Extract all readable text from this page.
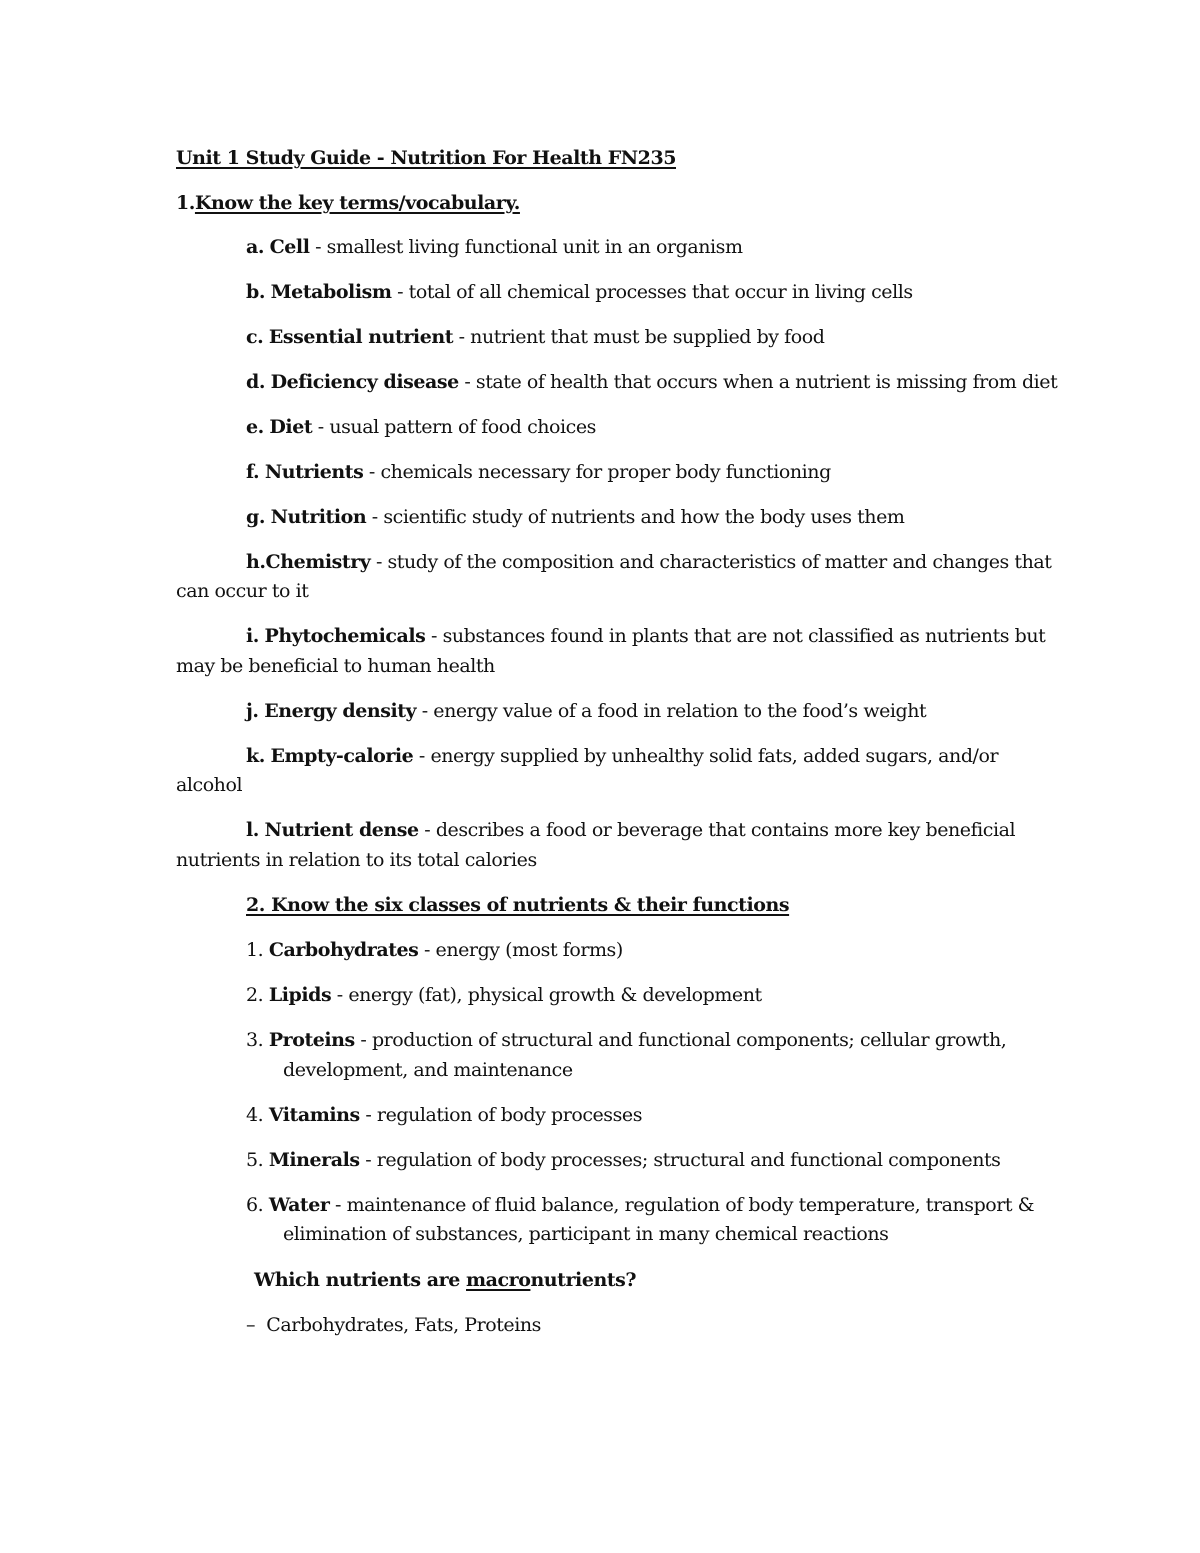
Unit 1 Study Guide - Nutrition For Health FN235
1.Know the key terms/vocabulary.
a. Cell - smallest living functional unit in an organism
b. Metabolism - total of all chemical processes that occur in living cells
c. Essential nutrient - nutrient that must be supplied by food
d. Deficiency disease - state of health that occurs when a nutrient is missing from diet
e. Diet - usual pattern of food choices
f. Nutrients - chemicals necessary for proper body functioning
g. Nutrition - scientific study of nutrients and how the body uses them
h.Chemistry - study of the composition and characteristics of matter and changes that
can occur to it
i. Phytochemicals - substances found in plants that are not classified as nutrients but
may be beneficial to human health
j. Energy density - energy value of a food in relation to the food’s weight
k. Empty-calorie - energy supplied by unhealthy solid fats, added sugars, and/or
alcohol
l. Nutrient dense - describes a food or beverage that contains more key beneficial
nutrients in relation to its total calories
2. Know the six classes of nutrients & their functions
1. Carbohydrates - energy (most forms)
2. Lipids - energy (fat), physical growth & development
3. Proteins - production of structural and functional components; cellular growth,
development, and maintenance
4. Vitamins - regulation of body processes
5. Minerals - regulation of body processes; structural and functional components
6. Water - maintenance of fluid balance, regulation of body temperature, transport &
elimination of substances, participant in many chemical reactions
Which nutrients are macronutrients?
– Carbohydrates, Fats, Proteins
